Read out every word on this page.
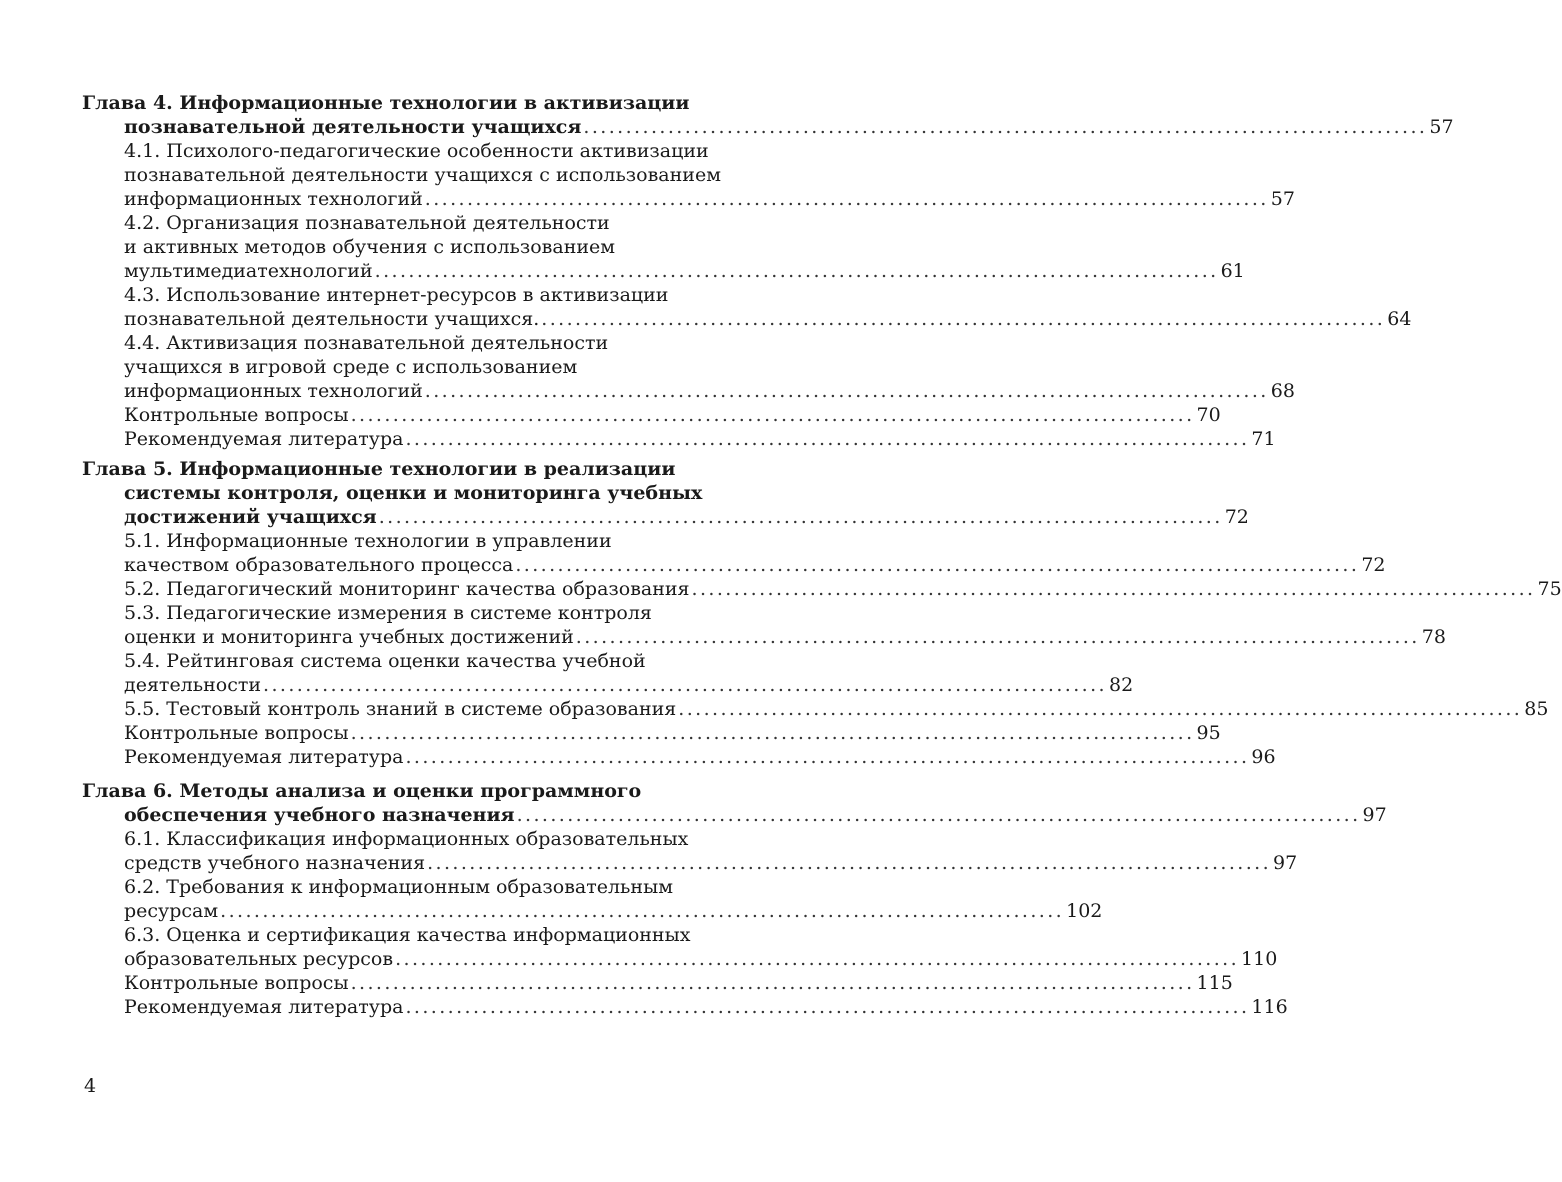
Глава 4. Информационные технологии в активизации
познавательной деятельности учащихся .................................................................................................... 57
4.1. Психолого-педагогические особенности активизации
познавательной деятельности учащихся с использованием
информационных технологий .................................................................................................... 57
4.2. Организация познавательной деятельности
и активных методов обучения с использованием
мультимедиатехнологий .................................................................................................... 61
4.3. Использование интернет-ресурсов в активизации
познавательной деятельности учащихся. .................................................................................................... 64
4.4. Активизация познавательной деятельности
учащихся в игровой среде с использованием
информационных технологий .................................................................................................... 68
Контрольные вопросы .................................................................................................... 70
Рекомендуемая литература .................................................................................................... 71
Глава 5. Информационные технологии в реализации
системы контроля, оценки и мониторинга учебных
достижений учащихся .................................................................................................... 72
5.1. Информационные технологии в управлении
качеством образовательного процесса .................................................................................................... 72
5.2. Педагогический мониторинг качества образования .................................................................................................... 75
5.3. Педагогические измерения в системе контроля
оценки и мониторинга учебных достижений .................................................................................................... 78
5.4. Рейтинговая система оценки качества учебной
деятельности .................................................................................................... 82
5.5. Тестовый контроль знаний в системе образования .................................................................................................... 85
Контрольные вопросы .................................................................................................... 95
Рекомендуемая литература .................................................................................................... 96
Глава 6. Методы анализа и оценки программного
обеспечения учебного назначения .................................................................................................... 97
6.1. Классификация информационных образовательных
средств учебного назначения .................................................................................................... 97
6.2. Требования к информационным образовательным
ресурсам .................................................................................................... 102
6.3. Оценка и сертификация качества информационных
образовательных ресурсов .................................................................................................... 110
Контрольные вопросы .................................................................................................... 115
Рекомендуемая литература .................................................................................................... 116
4
